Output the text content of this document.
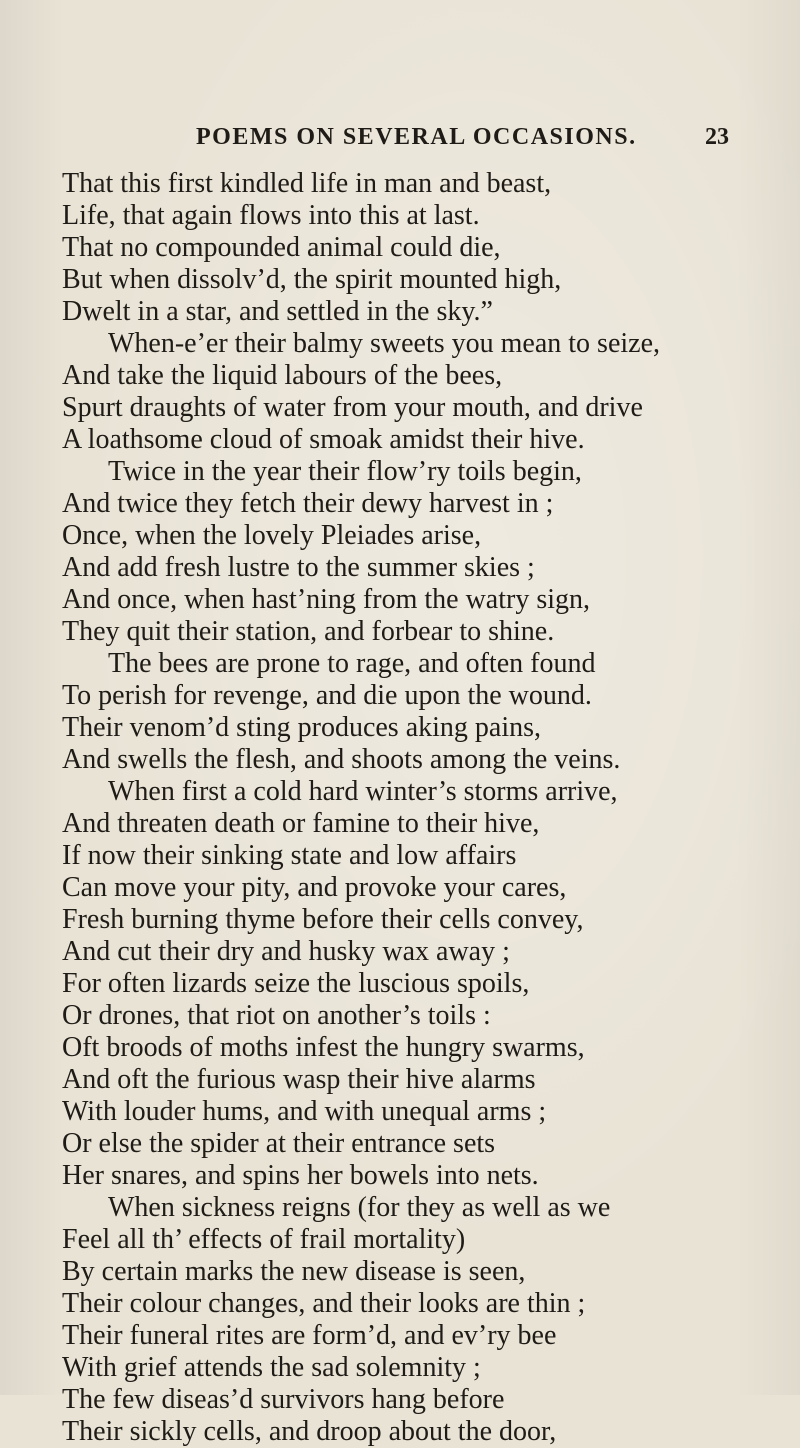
POEMS ON SEVERAL OCCASIONS.	23
That this first kindled life in man and beast,
Life, that again flows into this at last.
That no compounded animal could die,
But when dissolv’d, the spirit mounted high,
Dwelt in a star, and settled in the sky.”
When-e’er their balmy sweets you mean to seize,
And take the liquid labours of the bees,
Spurt draughts of water from your mouth, and drive
A loathsome cloud of smoak amidst their hive.
Twice in the year their flow’ry toils begin,
And twice they fetch their dewy harvest in ;
Once, when the lovely Pleiades arise,
And add fresh lustre to the summer skies ;
And once, when hast’ning from the watry sign,
They quit their station, and forbear to shine.
The bees are prone to rage, and often found
To perish for revenge, and die upon the wound.
Their venom’d sting produces aking pains,
And swells the flesh, and shoots among the veins.
When first a cold hard winter’s storms arrive,
And threaten death or famine to their hive,
If now their sinking state and low affairs
Can move your pity, and provoke your cares,
Fresh burning thyme before their cells convey,
And cut their dry and husky wax away ;
For often lizards seize the luscious spoils,
Or drones, that riot on another’s toils :
Oft broods of moths infest the hungry swarms,
And oft the furious wasp their hive alarms
With louder hums, and with unequal arms ;
Or else the spider at their entrance sets
Her snares, and spins her bowels into nets.
When sickness reigns (for they as well as we
Feel all th’ effects of frail mortality)
By certain marks the new disease is seen,
Their colour changes, and their looks are thin ;
Their funeral rites are form’d, and ev’ry bee
With grief attends the sad solemnity ;
The few diseas’d survivors hang before
Their sickly cells, and droop about the door,
